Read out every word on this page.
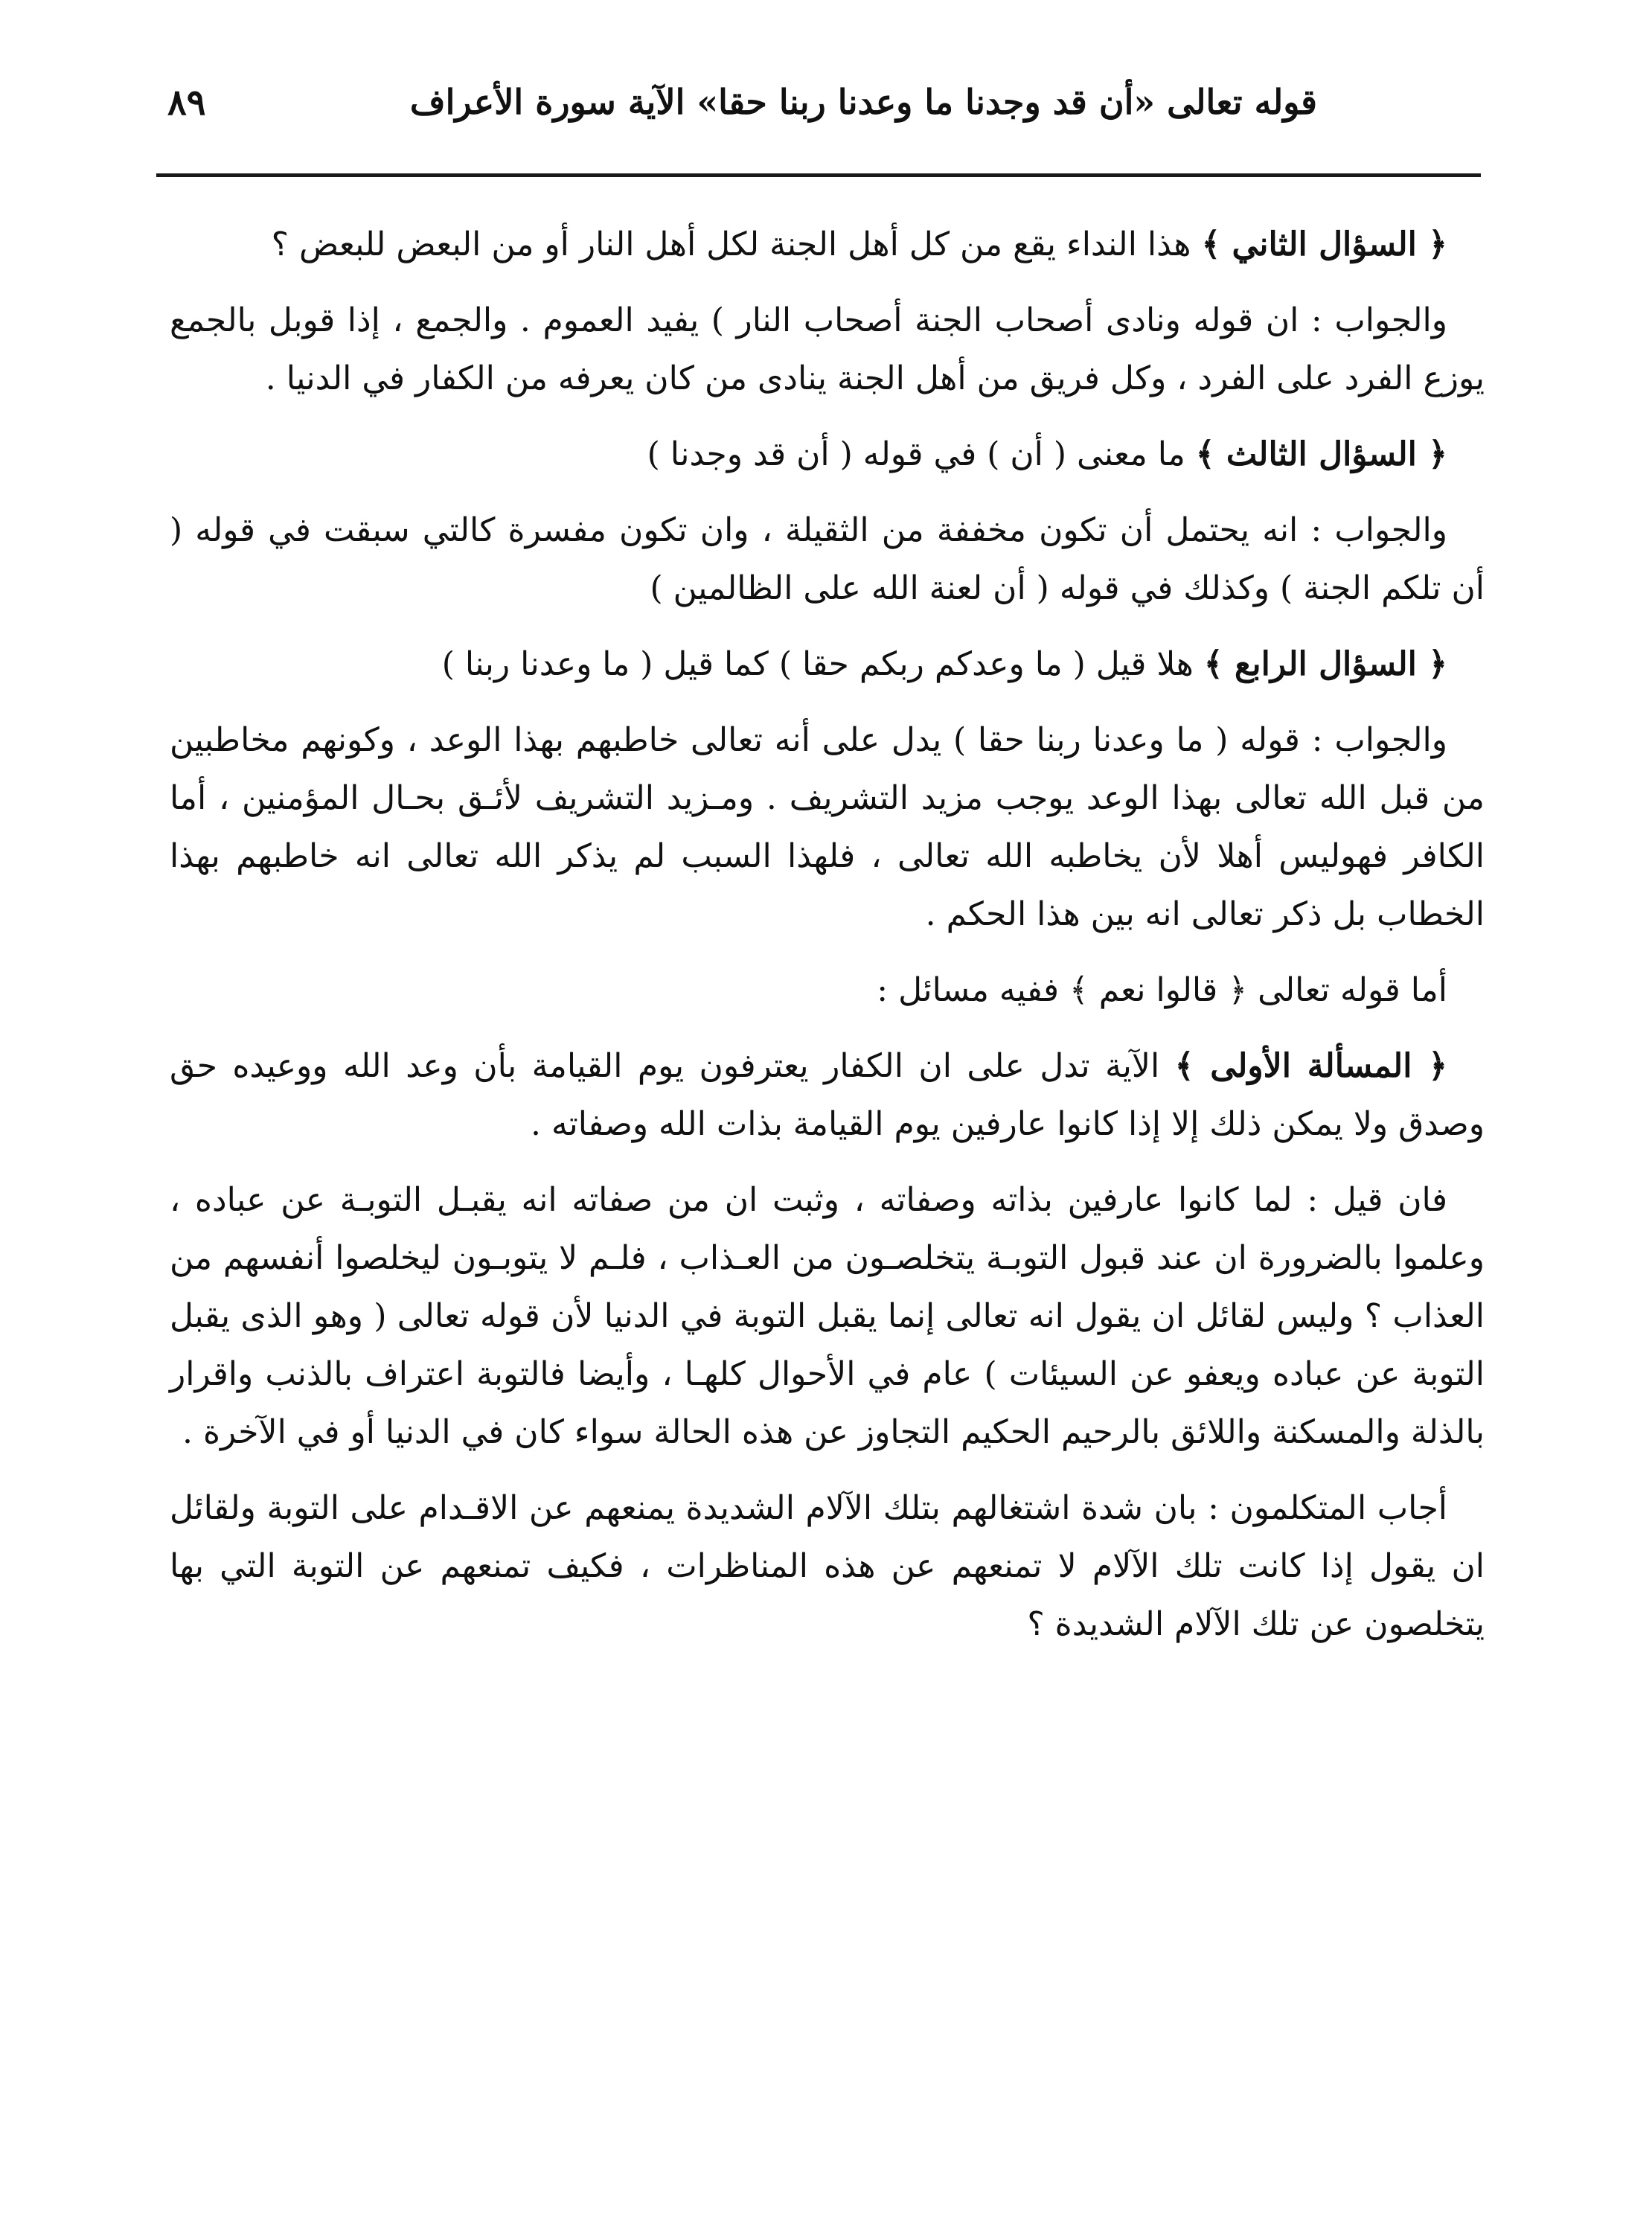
٨٩	قوله تعالى «أن قد وجدنا ما وعدنا ربنا حقا» الآية سورة الأعراف

﴿ السؤال الثاني ﴾ هذا النداء يقع من كل أهل الجنة لكل أهل النار أو من البعض للبعض ؟

والجواب : ان قوله ونادى أصحاب الجنة أصحاب النار ) يفيد العموم . والجمع ، إذا قوبل بالجمع يوزع الفرد على الفرد ، وكل فريق من أهل الجنة ينادى من كان يعرفه من الكفار في الدنيا .

﴿ السؤال الثالث ﴾ ما معنى ( أن ) في قوله ( أن قد وجدنا )

والجواب : انه يحتمل أن تكون مخففة من الثقيلة ، وان تكون مفسرة كالتي سبقت في قوله ( أن تلكم الجنة ) وكذلك في قوله ( أن لعنة الله على الظالمين )

﴿ السؤال الرابع ﴾ هلا قيل ( ما وعدكم ربكم حقا ) كما قيل ( ما وعدنا ربنا )

والجواب : قوله ( ما وعدنا ربنا حقا ) يدل على أنه تعالى خاطبهم بهذا الوعد ، وكونهم مخاطبين من قبل الله تعالى بهذا الوعد يوجب مزيد التشريف . ومـزيد التشريف لأئـق بحـال المؤمنين ، أما الكافر فهوليس أهلا لأن يخاطبه الله تعالى ، فلهذا السبب لم يذكر الله تعالى انه خاطبهم بهذا الخطاب بل ذكر تعالى انه بين هذا الحكم .

أما قوله تعالى ﴿ قالوا نعم ﴾ ففيه مسائل :

﴿ المسألة الأولى ﴾ الآية تدل على ان الكفار يعترفون يوم القيامة بأن وعد الله ووعيده حق وصدق ولا يمكن ذلك إلا إذا كانوا عارفين يوم القيامة بذات الله وصفاته .

فان قيل : لما كانوا عارفين بذاته وصفاته ، وثبت ان من صفاته انه يقبـل التوبـة عن عباده ، وعلموا بالضرورة ان عند قبول التوبـة يتخلصـون من العـذاب ، فلـم لا يتوبـون ليخلصوا أنفسهم من العذاب ؟ وليس لقائل ان يقول انه تعالى إنما يقبل التوبة في الدنيا لأن قوله تعالى ( وهو الذى يقبل التوبة عن عباده ويعفو عن السيئات ) عام في الأحوال كلهـا ، وأيضا فالتوبة اعتراف بالذنب واقرار بالذلة والمسكنة واللائق بالرحيم الحكيم التجاوز عن هذه الحالة سواء كان في الدنيا أو في الآخرة .

أجاب المتكلمون : بان شدة اشتغالهم بتلك الآلام الشديدة يمنعهم عن الاقـدام على التوبة ولقائل ان يقول إذا كانت تلك الآلام لا تمنعهم عن هذه المناظرات ، فكيف تمنعهم عن التوبة التي بها يتخلصون عن تلك الآلام الشديدة ؟
